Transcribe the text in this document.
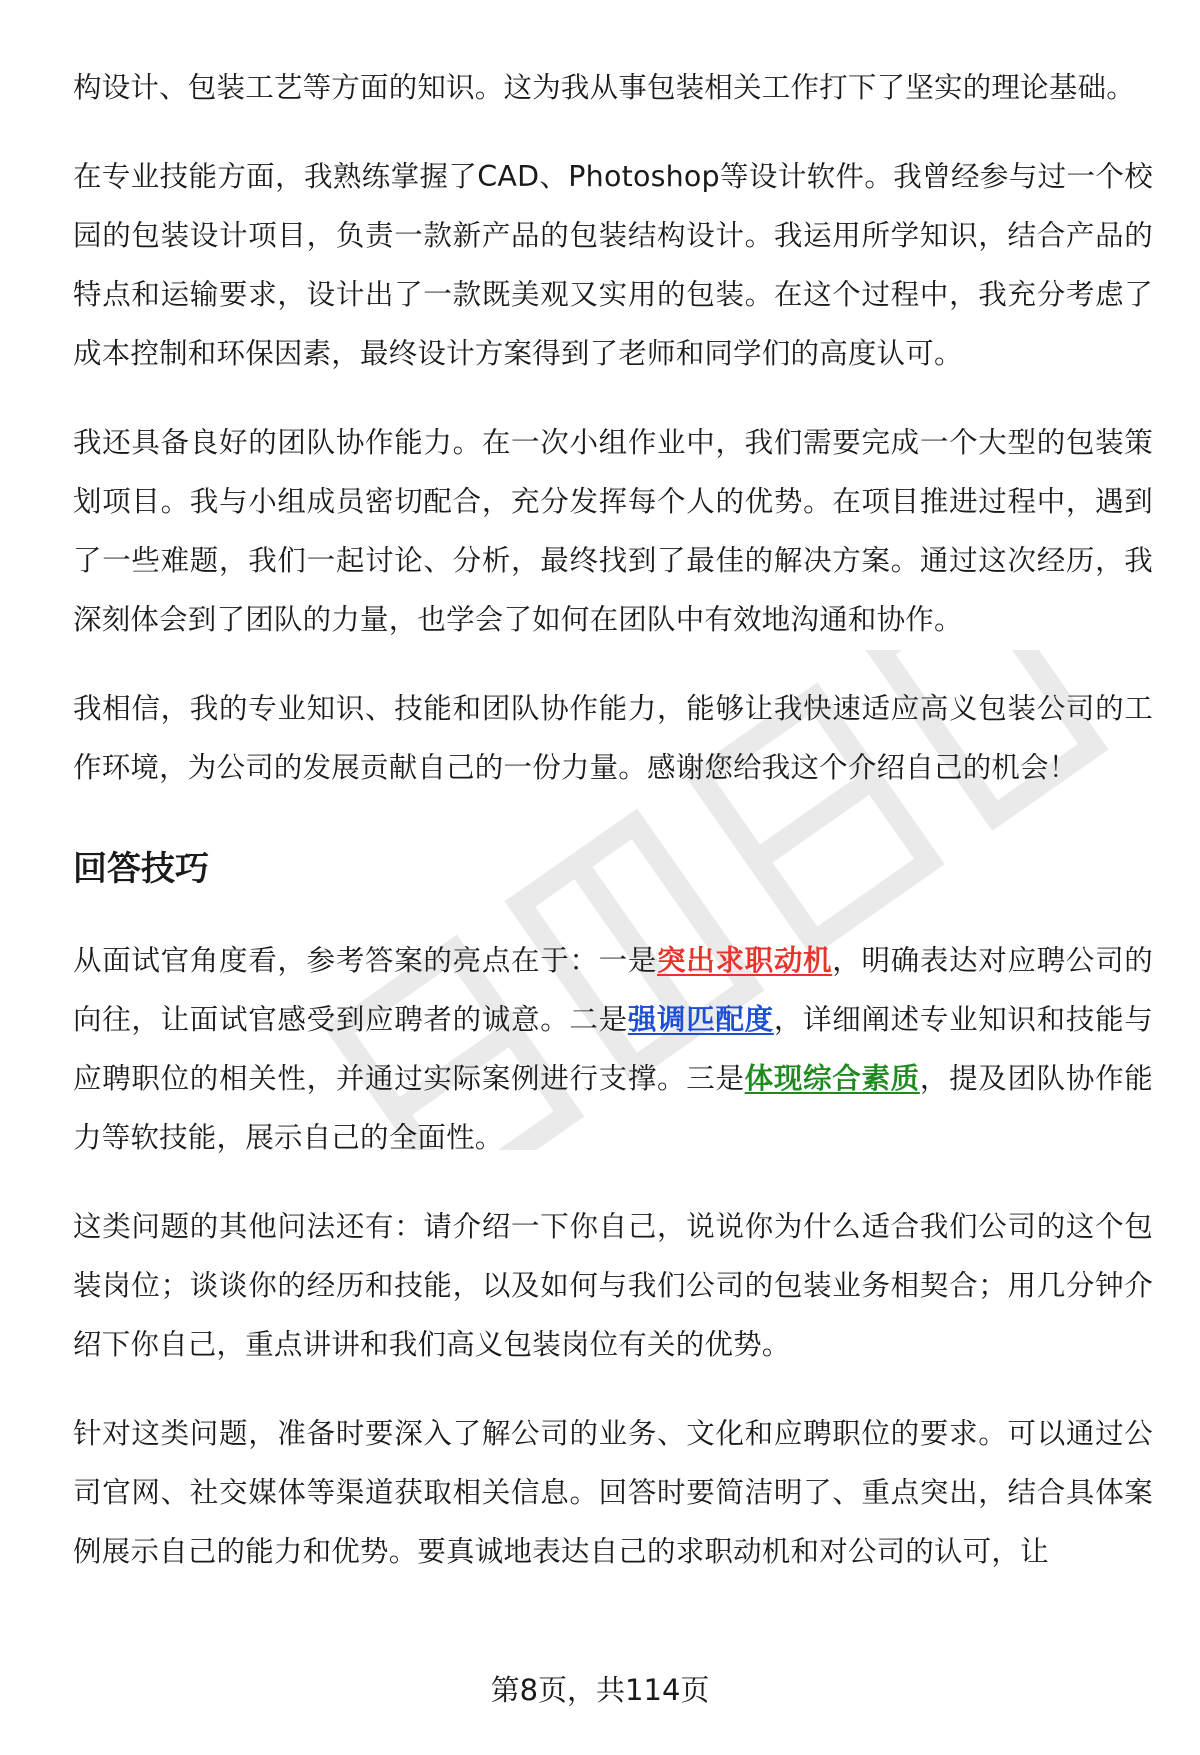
构设计、包装工艺等方面的知识。这为我从事包装相关工作打下了坚实的理论基础。

在专业技能方面，我熟练掌握了CAD、Photoshop等设计软件。我曾经参与过一个校园的包装设计项目，负责一款新产品的包装结构设计。我运用所学知识，结合产品的特点和运输要求，设计出了一款既美观又实用的包装。在这个过程中，我充分考虑了成本控制和环保因素，最终设计方案得到了老师和同学们的高度认可。

我还具备良好的团队协作能力。在一次小组作业中，我们需要完成一个大型的包装策划项目。我与小组成员密切配合，充分发挥每个人的优势。在项目推进过程中，遇到了一些难题，我们一起讨论、分析，最终找到了最佳的解决方案。通过这次经历，我深刻体会到了团队的力量，也学会了如何在团队中有效地沟通和协作。

我相信，我的专业知识、技能和团队协作能力，能够让我快速适应高义包装公司的工作环境，为公司的发展贡献自己的一份力量。感谢您给我这个介绍自己的机会！

回答技巧

从面试官角度看，参考答案的亮点在于：一是突出求职动机，明确表达对应聘公司的向往，让面试官感受到应聘者的诚意。二是强调匹配度，详细阐述专业知识和技能与应聘职位的相关性，并通过实际案例进行支撑。三是体现综合素质，提及团队协作能力等软技能，展示自己的全面性。

这类问题的其他问法还有：请介绍一下你自己，说说你为什么适合我们公司的这个包装岗位；谈谈你的经历和技能，以及如何与我们公司的包装业务相契合；用几分钟介绍下你自己，重点讲讲和我们高义包装岗位有关的优势。

针对这类问题，准备时要深入了解公司的业务、文化和应聘职位的要求。可以通过公司官网、社交媒体等渠道获取相关信息。回答时要简洁明了、重点突出，结合具体案例展示自己的能力和优势。要真诚地表达自己的求职动机和对公司的认可，让

第8页，共114页
